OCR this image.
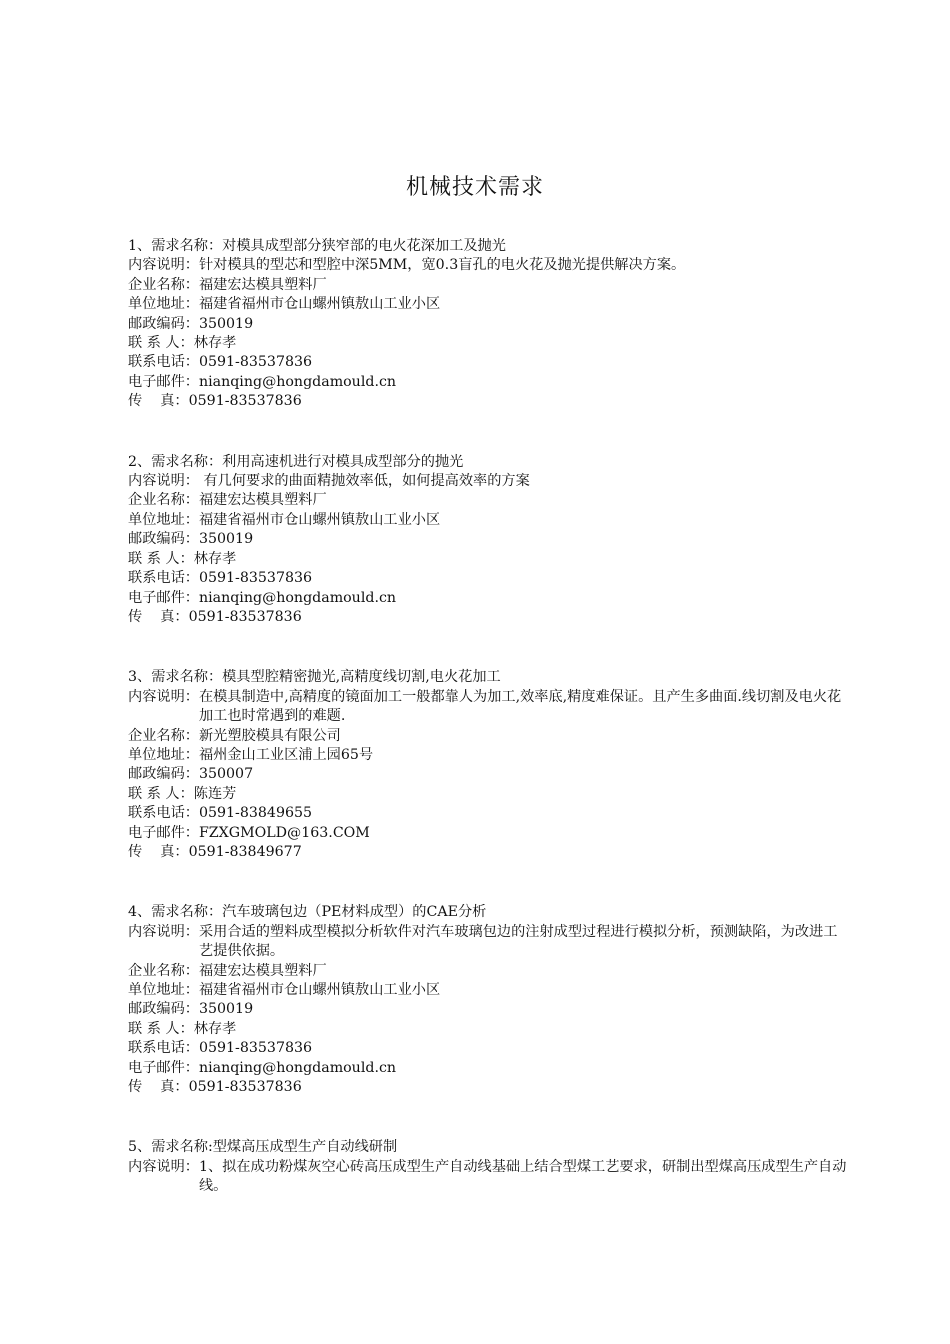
机械技术需求
1、需求名称：对模具成型部分狭窄部的电火花深加工及抛光
内容说明： 针对模具的型芯和型腔中深5MM，宽0.3盲孔的电火花及抛光提供解决方案。
企业名称： 福建宏达模具塑料厂
单位地址： 福建省福州市仓山螺州镇敖山工业小区
邮政编码： 350019
联 系 人： 林存孝
联系电话： 0591-83537836
电子邮件： nianqing@hongdamould.cn
传    真： 0591-83537836
2、需求名称：利用高速机进行对模具成型部分的抛光
内容说明： 有几何要求的曲面精抛效率低，如何提高效率的方案
企业名称： 福建宏达模具塑料厂
单位地址： 福建省福州市仓山螺州镇敖山工业小区
邮政编码： 350019
联 系 人： 林存孝
联系电话： 0591-83537836
电子邮件： nianqing@hongdamould.cn
传    真： 0591-83537836
3、需求名称：模具型腔精密抛光,高精度线切割,电火花加工
内容说明： 在模具制造中,高精度的镜面加工一般都靠人为加工,效率底,精度难保证。且产生多曲面.线切割及电火花加工也时常遇到的难题.
企业名称： 新光塑胶模具有限公司
单位地址： 福州金山工业区浦上园65号
邮政编码： 350007
联 系 人： 陈连芳
联系电话： 0591-83849655
电子邮件： FZXGMOLD@163.COM
传    真： 0591-83849677
4、需求名称：汽车玻璃包边（PE材料成型）的CAE分析
内容说明： 采用合适的塑料成型模拟分析软件对汽车玻璃包边的注射成型过程进行模拟分析，预测缺陷，为改进工艺提供依据。
企业名称： 福建宏达模具塑料厂
单位地址： 福建省福州市仓山螺州镇敖山工业小区
邮政编码： 350019
联 系 人： 林存孝
联系电话： 0591-83537836
电子邮件： nianqing@hongdamould.cn
传    真： 0591-83537836
5、需求名称:型煤高压成型生产自动线研制
内容说明： 1、拟在成功粉煤灰空心砖高压成型生产自动线基础上结合型煤工艺要求，研制出型煤高压成型生产自动线。
